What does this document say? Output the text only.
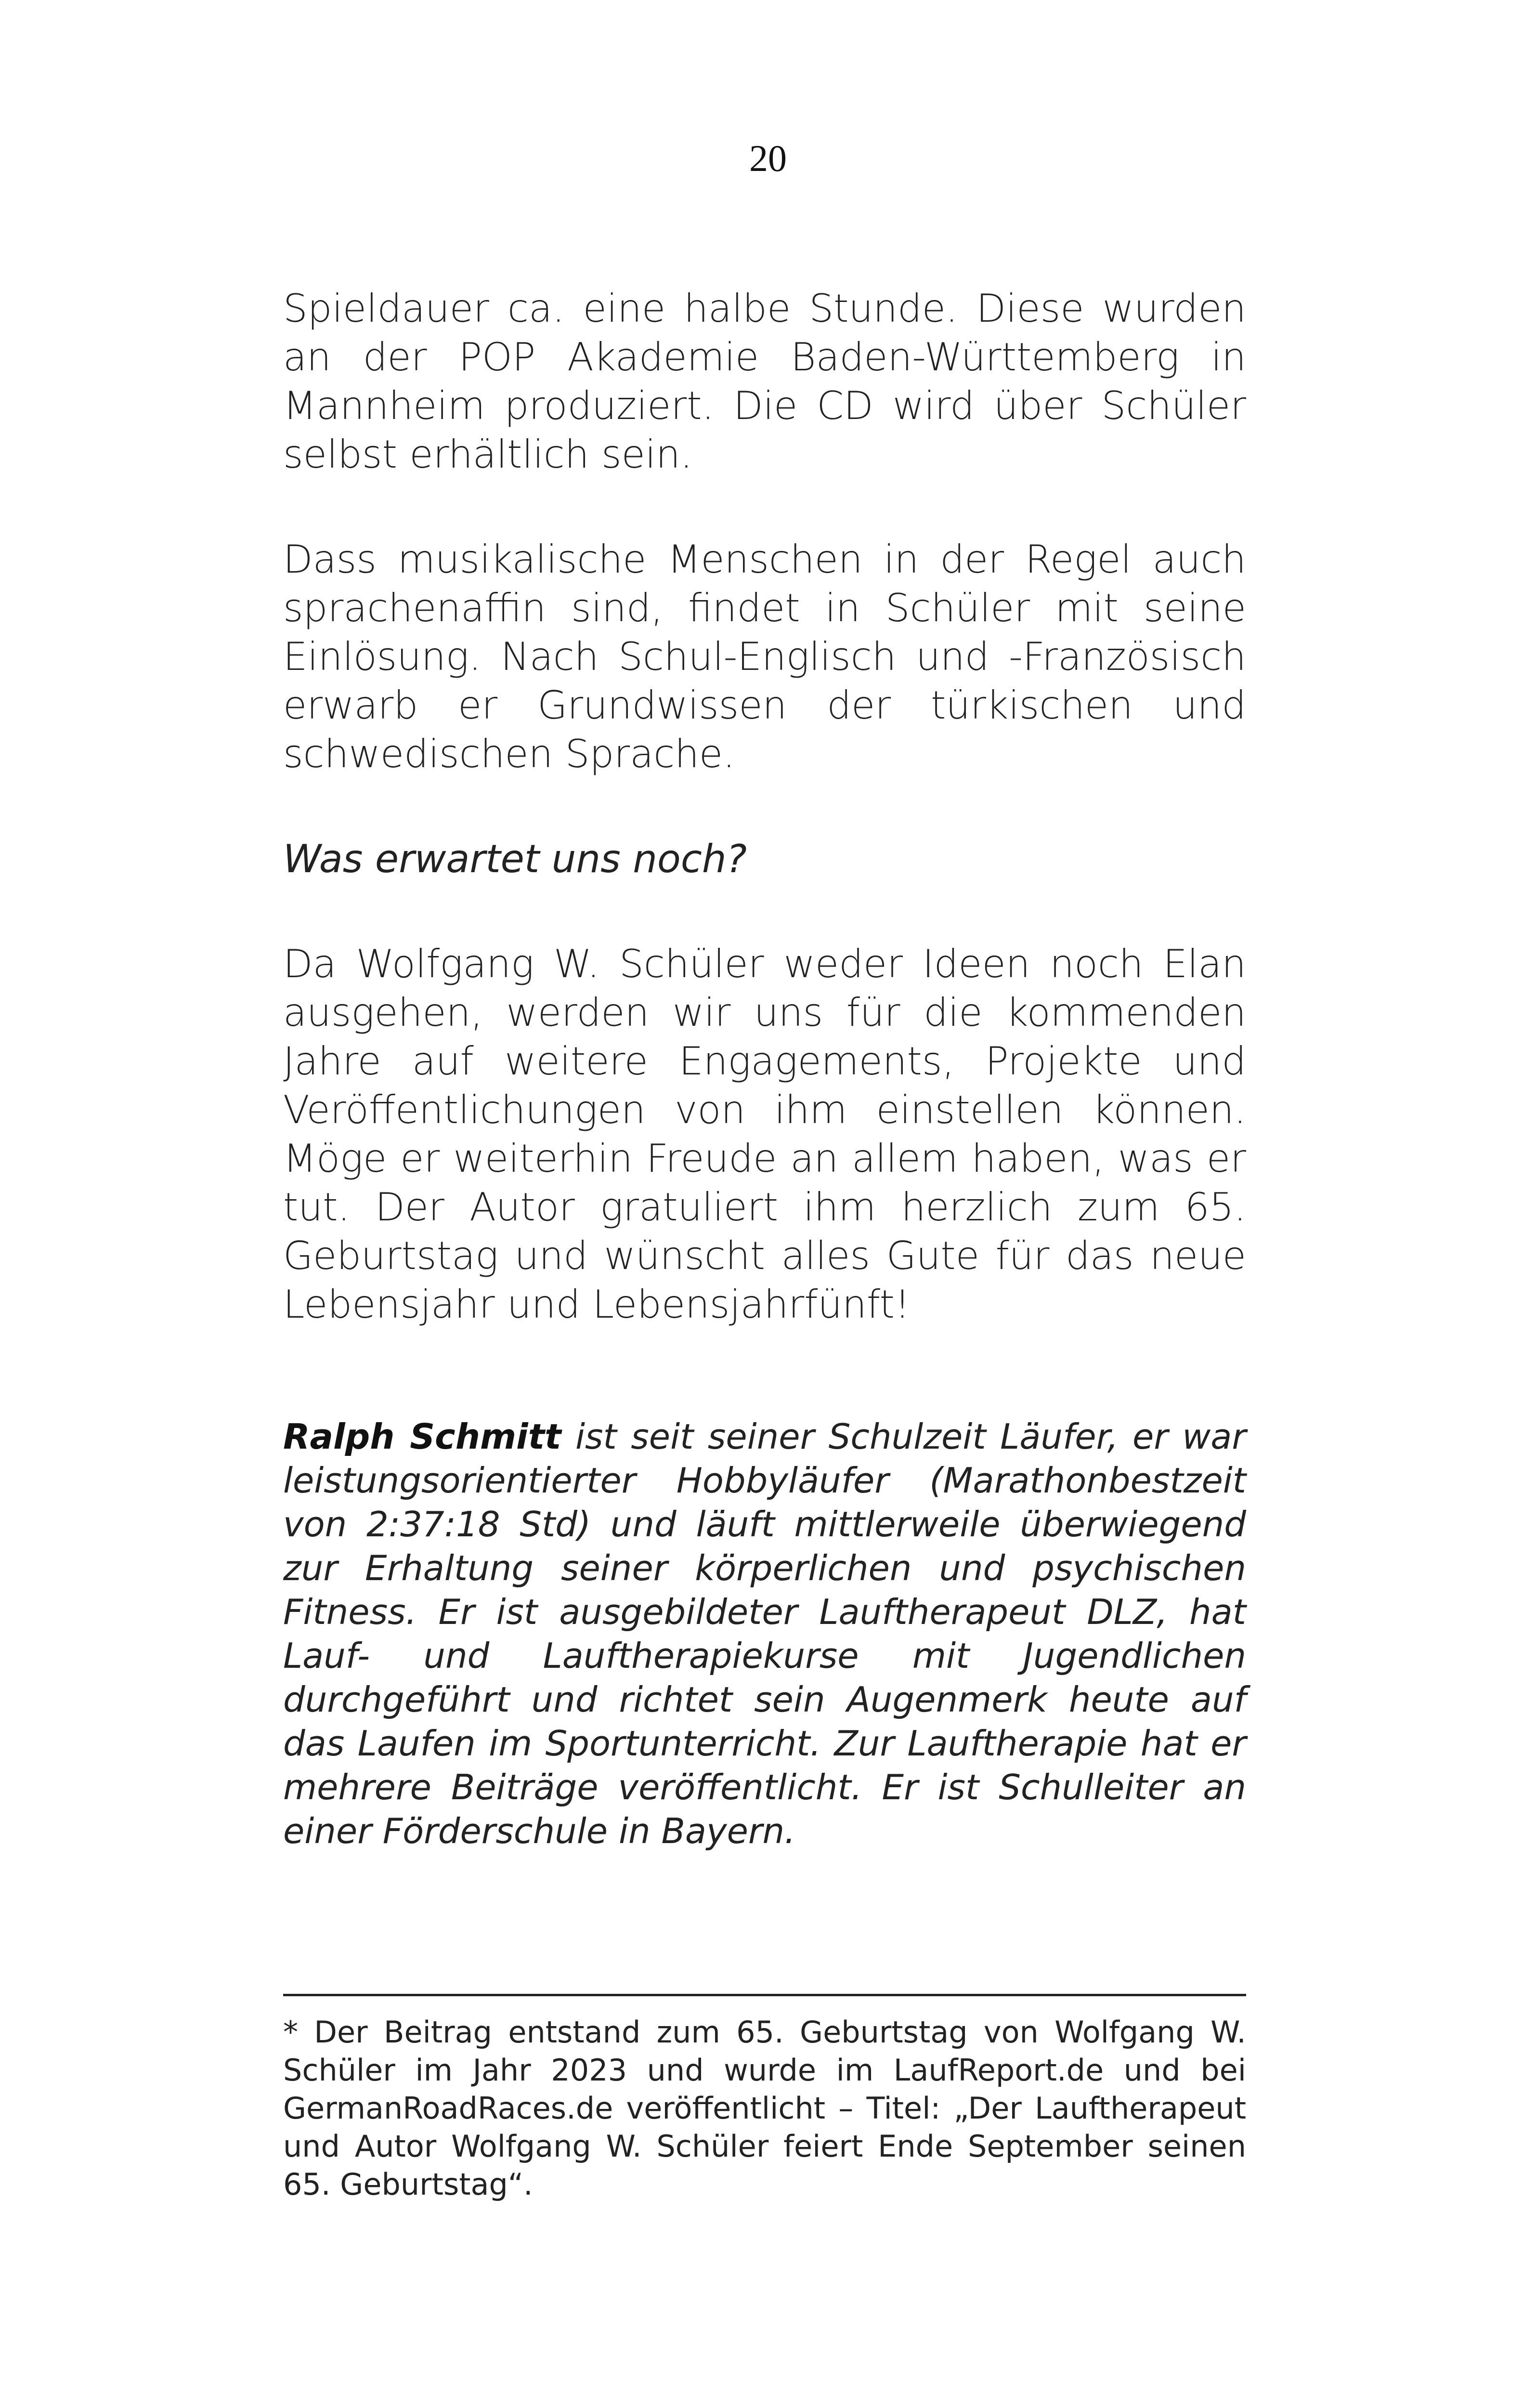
20

Spieldauer ca. eine halbe Stunde. Diese wurden an der POP Akademie Baden-Württemberg in Mannheim produziert. Die CD wird über Schüler selbst erhältlich sein.

Dass musikalische Menschen in der Regel auch sprachenaffin sind, findet in Schüler mit seine Einlösung. Nach Schul-Englisch und -Französisch erwarb er Grundwissen der türkischen und schwedischen Sprache.

Was erwartet uns noch?

Da Wolfgang W. Schüler weder Ideen noch Elan ausgehen, werden wir uns für die kommenden Jahre auf weitere Engagements, Projekte und Veröffentlichungen von ihm einstellen können. Möge er weiterhin Freude an allem haben, was er tut. Der Autor gratuliert ihm herzlich zum 65. Geburtstag und wünscht alles Gute für das neue Lebensjahr und Lebensjahrfünft!

Ralph Schmitt ist seit seiner Schulzeit Läufer, er war leistungsorientierter Hobbyläufer (Marathonbestzeit von 2:37:18 Std) und läuft mittlerweile überwiegend zur Erhaltung seiner körperlichen und psychischen Fitness. Er ist ausgebildeter Lauftherapeut DLZ, hat Lauf- und Lauftherapiekurse mit Jugendlichen durchgeführt und richtet sein Augenmerk heute auf das Laufen im Sportunterricht. Zur Lauftherapie hat er mehrere Beiträge veröffentlicht. Er ist Schulleiter an einer Förderschule in Bayern.
* Der Beitrag entstand zum 65. Geburtstag von Wolfgang W. Schüler im Jahr 2023 und wurde im LaufReport.de und bei GermanRoadRaces.de veröffentlicht – Titel: „Der Lauftherapeut und Autor Wolfgang W. Schüler feiert Ende September seinen 65. Geburtstag“.
